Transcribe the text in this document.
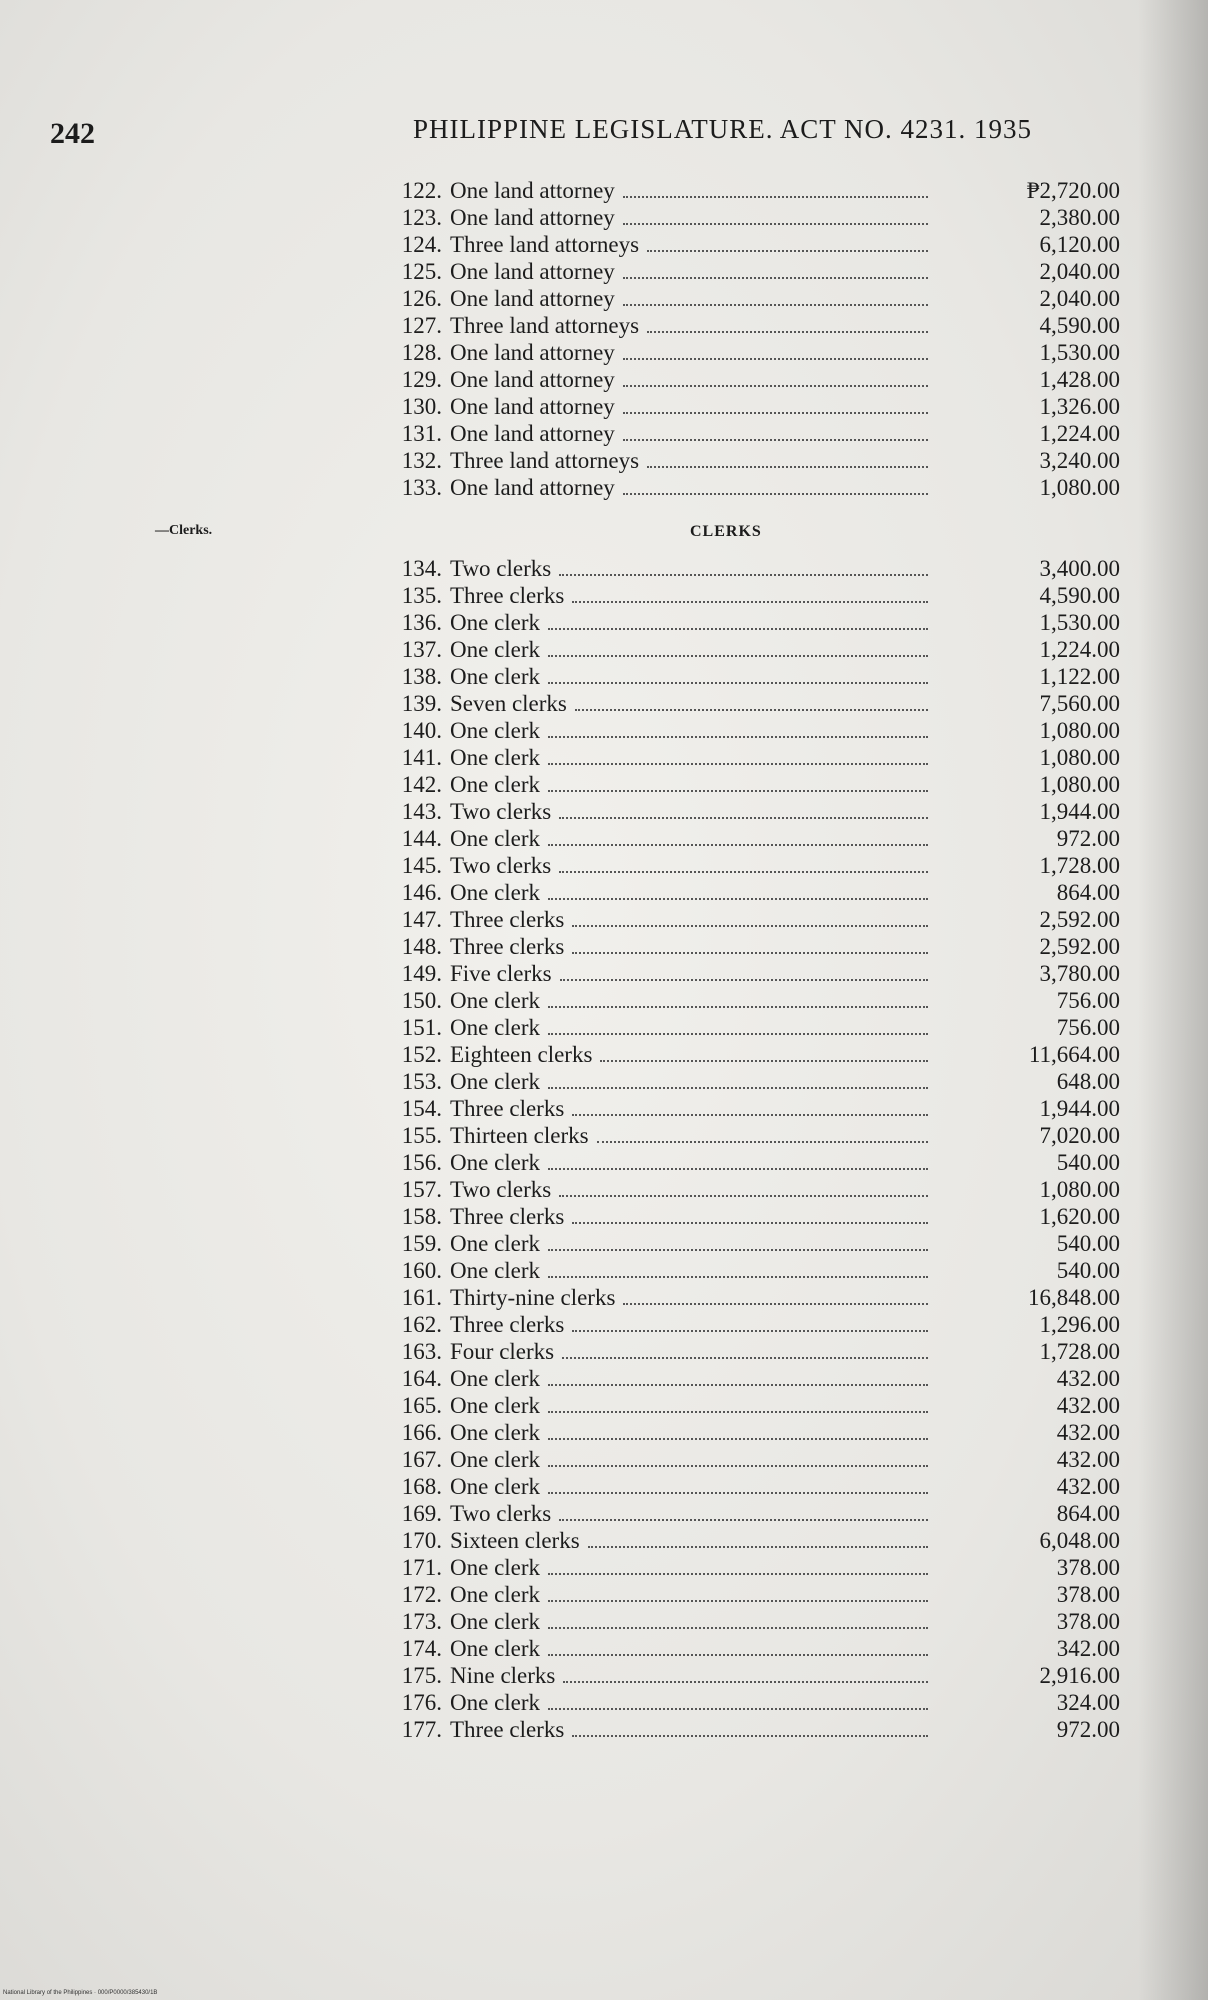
242	PHILIPPINE LEGISLATURE. ACT NO. 4231. 1935
122. One land attorney	₱2,720.00
123. One land attorney	2,380.00
124. Three land attorneys	6,120.00
125. One land attorney	2,040.00
126. One land attorney	2,040.00
127. Three land attorneys	4,590.00
128. One land attorney	1,530.00
129. One land attorney	1,428.00
130. One land attorney	1,326.00
131. One land attorney	1,224.00
132. Three land attorneys	3,240.00
133. One land attorney	1,080.00
—Clerks.	CLERKS
134. Two clerks	3,400.00
135. Three clerks	4,590.00
136. One clerk	1,530.00
137. One clerk	1,224.00
138. One clerk	1,122.00
139. Seven clerks	7,560.00
140. One clerk	1,080.00
141. One clerk	1,080.00
142. One clerk	1,080.00
143. Two clerks	1,944.00
144. One clerk	972.00
145. Two clerks	1,728.00
146. One clerk	864.00
147. Three clerks	2,592.00
148. Three clerks	2,592.00
149. Five clerks	3,780.00
150. One clerk	756.00
151. One clerk	756.00
152. Eighteen clerks	11,664.00
153. One clerk	648.00
154. Three clerks	1,944.00
155. Thirteen clerks	7,020.00
156. One clerk	540.00
157. Two clerks	1,080.00
158. Three clerks	1,620.00
159. One clerk	540.00
160. One clerk	540.00
161. Thirty-nine clerks	16,848.00
162. Three clerks	1,296.00
163. Four clerks	1,728.00
164. One clerk	432.00
165. One clerk	432.00
166. One clerk	432.00
167. One clerk	432.00
168. One clerk	432.00
169. Two clerks	864.00
170. Sixteen clerks	6,048.00
171. One clerk	378.00
172. One clerk	378.00
173. One clerk	378.00
174. One clerk	342.00
175. Nine clerks	2,916.00
176. One clerk	324.00
177. Three clerks	972.00
National Library of the Philippines · 000/P0000/385430/1B
